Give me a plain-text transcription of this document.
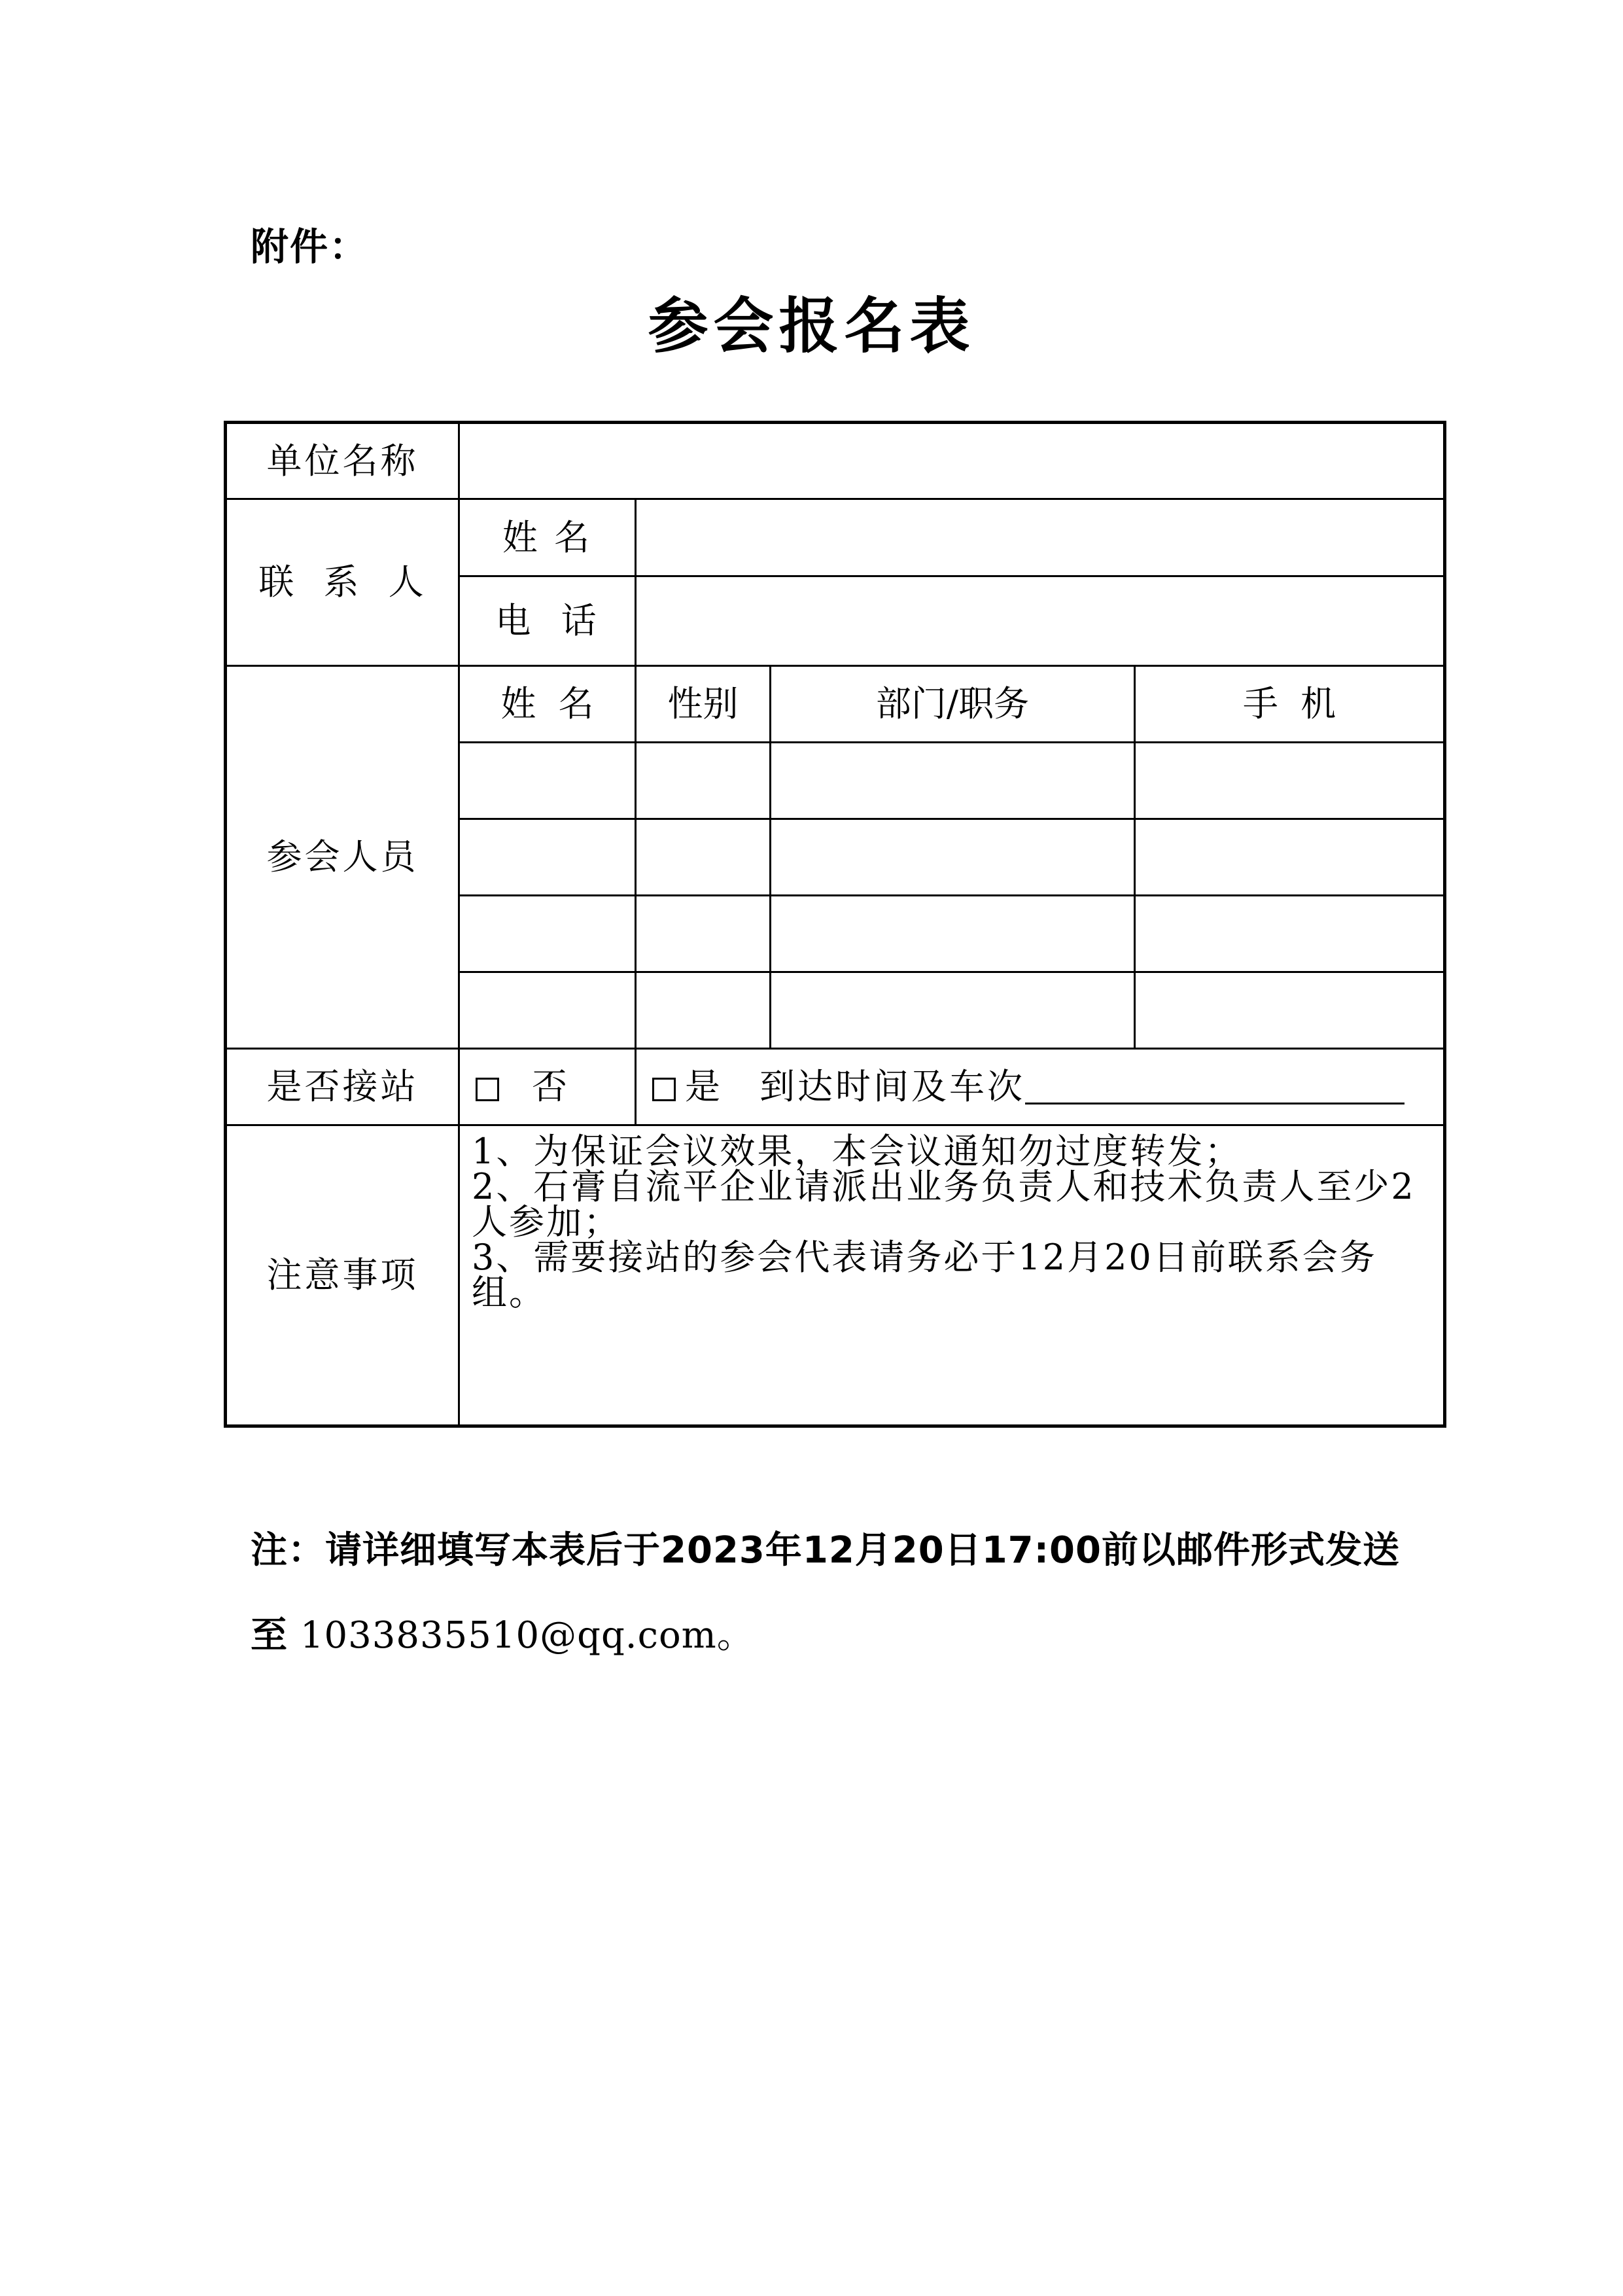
附件：
参会报名表
单位名称				
联 系 人	姓 名			
	电  话			
参会人员	姓  名	性别	部门/职务	手  机

是否接站	否	是 到达时间及车次		
注意事项	1、为保证会议效果，本会议通知勿过度转发；

2、石膏自流平企业请派出业务负责人和技术负责人至少2人参加；

3、需要接站的参会代表请务必于12月20日前联系会务组。			

注：请详细填写本表后于2023年12月20日17:00前以邮件形式发送
至 1033835510@qq.com。
